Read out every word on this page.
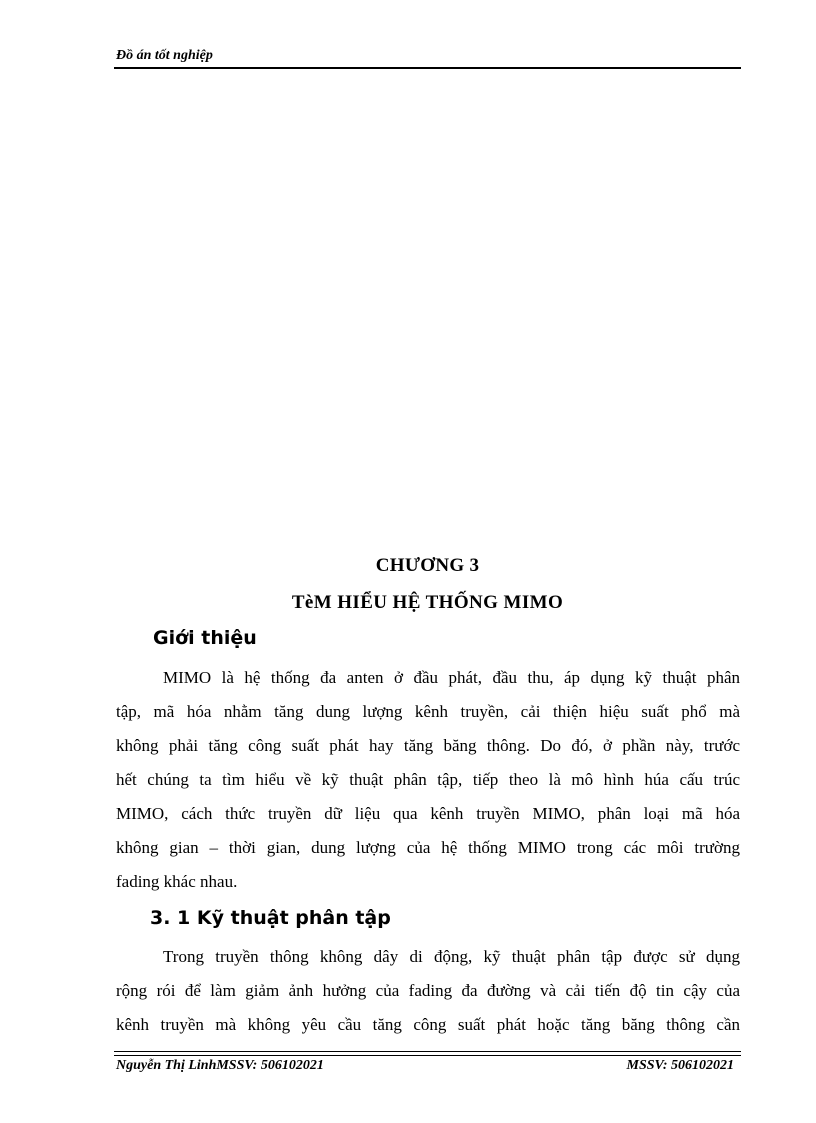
Đồ án tốt nghiệp
CHƯƠNG 3
TèM HIỂU HỆ THỐNG MIMO
Giới thiệu
MIMO là hệ thống đa anten ở đầu phát, đầu thu, áp dụng kỹ thuật phân
tập, mã hóa nhằm tăng dung lượng kênh truyền, cải thiện hiệu suất phổ mà
không phải tăng công suất phát hay tăng băng thông. Do đó, ở phần này, trước
hết chúng ta tìm hiểu về kỹ thuật phân tập, tiếp theo là mô hình húa cấu trúc
MIMO, cách thức truyền dữ liệu qua kênh truyền MIMO, phân loại mã hóa
không gian – thời gian, dung lượng của hệ thống MIMO trong các môi trường
fading khác nhau.
3. 1 Kỹ thuật phân tập
Trong truyền thông không dây di động, kỹ thuật phân tập được sử dụng
rộng rói để làm giảm ảnh hưởng của fading đa đường và cải tiến độ tin cậy của
kênh truyền mà không yêu cầu tăng công suất phát hoặc tăng băng thông cần
Nguyễn Thị LinhMSSV: 506102021	MSSV: 506102021
